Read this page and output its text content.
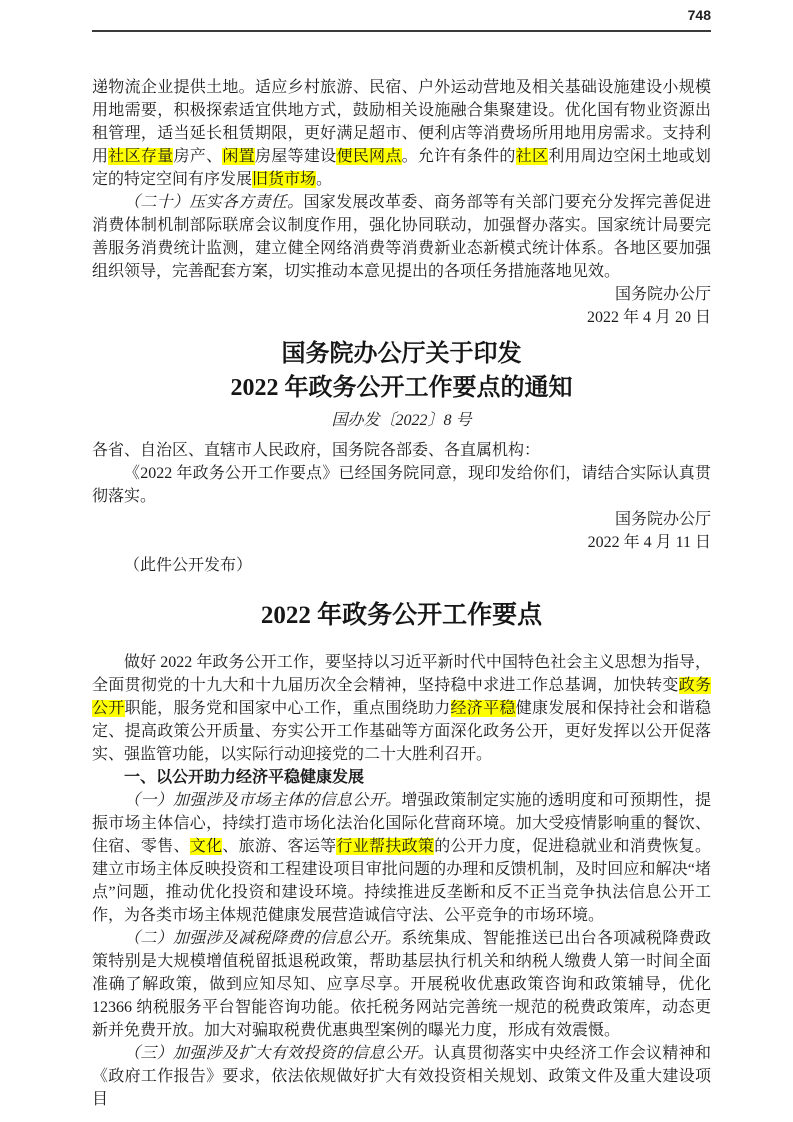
748

递物流企业提供土地。适应乡村旅游、民宿、户外运动营地及相关基础设施建设小规模用地需要，积极探索适宜供地方式，鼓励相关设施融合集聚建设。优化国有物业资源出租管理，适当延长租赁期限，更好满足超市、便利店等消费场所用地用房需求。支持利用社区存量房产、闲置房屋等建设便民网点。允许有条件的社区利用周边空闲土地或划定的特定空间有序发展旧货市场。

（二十）压实各方责任。国家发展改革委、商务部等有关部门要充分发挥完善促进消费体制机制部际联席会议制度作用，强化协同联动，加强督办落实。国家统计局要完善服务消费统计监测，建立健全网络消费等消费新业态新模式统计体系。各地区要加强组织领导，完善配套方案，切实推动本意见提出的各项任务措施落地见效。

国务院办公厅

2022 年 4 月 20 日

国务院办公厅关于印发
2022 年政务公开工作要点的通知
国办发〔2022〕8 号

各省、自治区、直辖市人民政府，国务院各部委、各直属机构：

《2022 年政务公开工作要点》已经国务院同意，现印发给你们，请结合实际认真贯彻落实。

国务院办公厅

2022 年 4 月 11 日

（此件公开发布）

2022 年政务公开工作要点

做好 2022 年政务公开工作，要坚持以习近平新时代中国特色社会主义思想为指导，全面贯彻党的十九大和十九届历次全会精神，坚持稳中求进工作总基调，加快转变政务公开职能，服务党和国家中心工作，重点围绕助力经济平稳健康发展和保持社会和谐稳定、提高政策公开质量、夯实公开工作基础等方面深化政务公开，更好发挥以公开促落实、强监管功能，以实际行动迎接党的二十大胜利召开。

一、以公开助力经济平稳健康发展

（一）加强涉及市场主体的信息公开。增强政策制定实施的透明度和可预期性，提振市场主体信心，持续打造市场化法治化国际化营商环境。加大受疫情影响重的餐饮、住宿、零售、文化、旅游、客运等行业帮扶政策的公开力度，促进稳就业和消费恢复。建立市场主体反映投资和工程建设项目审批问题的办理和反馈机制，及时回应和解决“堵点”问题，推动优化投资和建设环境。持续推进反垄断和反不正当竞争执法信息公开工作，为各类市场主体规范健康发展营造诚信守法、公平竞争的市场环境。

（二）加强涉及减税降费的信息公开。系统集成、智能推送已出台各项减税降费政策特别是大规模增值税留抵退税政策，帮助基层执行机关和纳税人缴费人第一时间全面准确了解政策，做到应知尽知、应享尽享。开展税收优惠政策咨询和政策辅导，优化 12366 纳税服务平台智能咨询功能。依托税务网站完善统一规范的税费政策库，动态更新并免费开放。加大对骗取税费优惠典型案例的曝光力度，形成有效震慑。

（三）加强涉及扩大有效投资的信息公开。认真贯彻落实中央经济工作会议精神和《政府工作报告》要求，依法依规做好扩大有效投资相关规划、政策文件及重大建设项目
